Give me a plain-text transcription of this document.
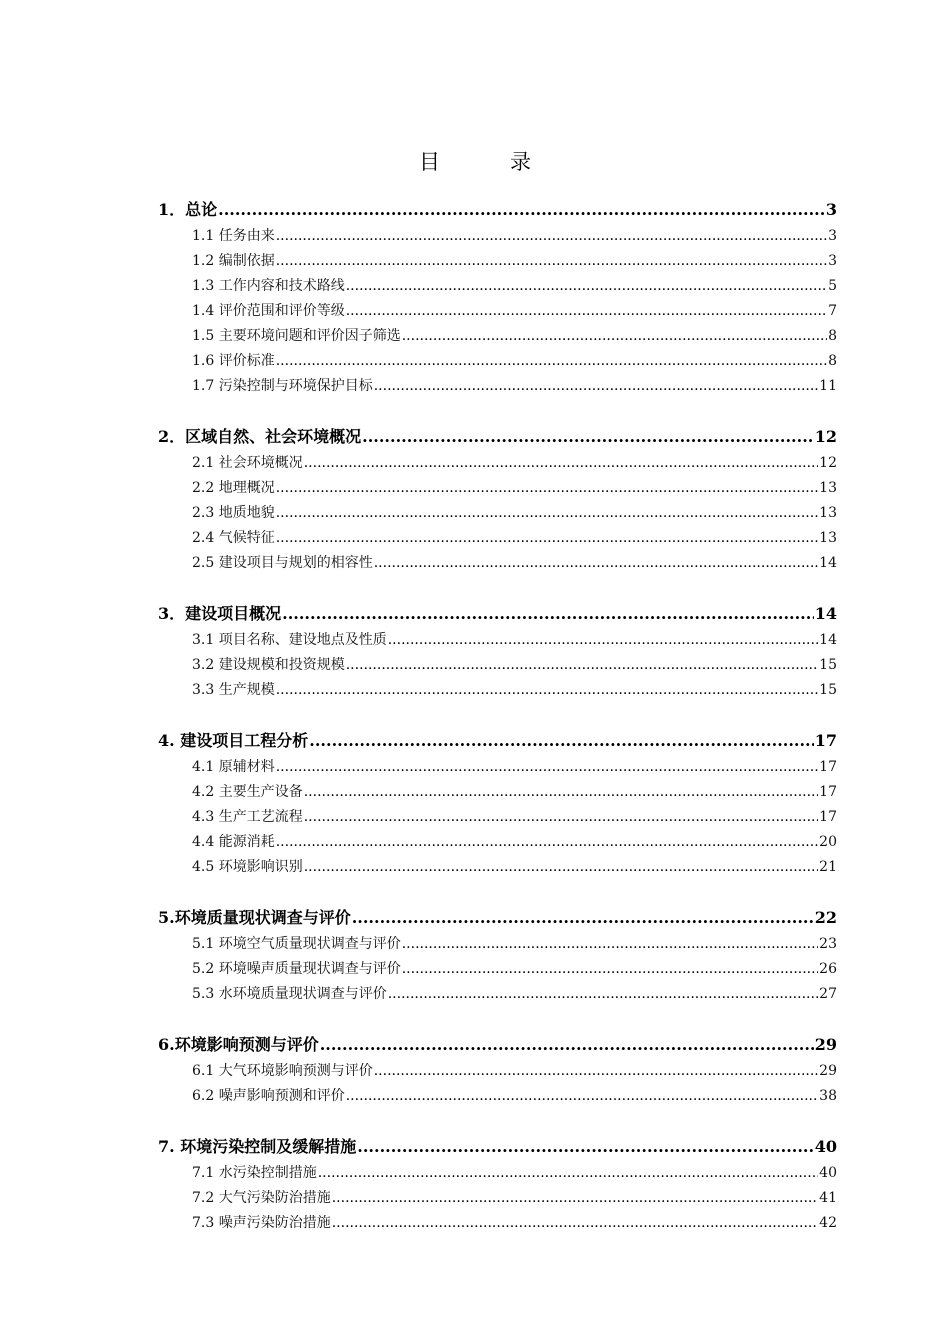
目	录
1．总论 .....	3
1.1 任务由来 .....	3
1.2 编制依据 .....	3
1.3 工作内容和技术路线 .....	5
1.4 评价范围和评价等级 .....	7
1.5 主要环境问题和评价因子筛选 .....	8
1.6 评价标准 .....	8
1.7 污染控制与环境保护目标 .....	11
2．区域自然、社会环境概况 .....	12
2.1 社会环境概况 .....	12
2.2 地理概况 .....	13
2.3 地质地貌 .....	13
2.4 气候特征 .....	13
2.5 建设项目与规划的相容性 .....	14
3．建设项目概况 .....	14
3.1 项目名称、建设地点及性质 .....	14
3.2 建设规模和投资规模 .....	15
3.3 生产规模 .....	15
4. 建设项目工程分析 .....	17
4.1 原辅材料 .....	17
4.2 主要生产设备 .....	17
4.3 生产工艺流程 .....	17
4.4 能源消耗 .....	20
4.5 环境影响识别 .....	21
5.环境质量现状调查与评价 .....	22
5.1 环境空气质量现状调查与评价 .....	23
5.2 环境噪声质量现状调查与评价 .....	26
5.3 水环境质量现状调查与评价 .....	27
6.环境影响预测与评价 .....	29
6.1 大气环境影响预测与评价 .....	29
6.2 噪声影响预测和评价 .....	38
7. 环境污染控制及缓解措施 .....	40
7.1 水污染控制措施 .....	40
7.2 大气污染防治措施 .....	41
7.3 噪声污染防治措施 .....	42
